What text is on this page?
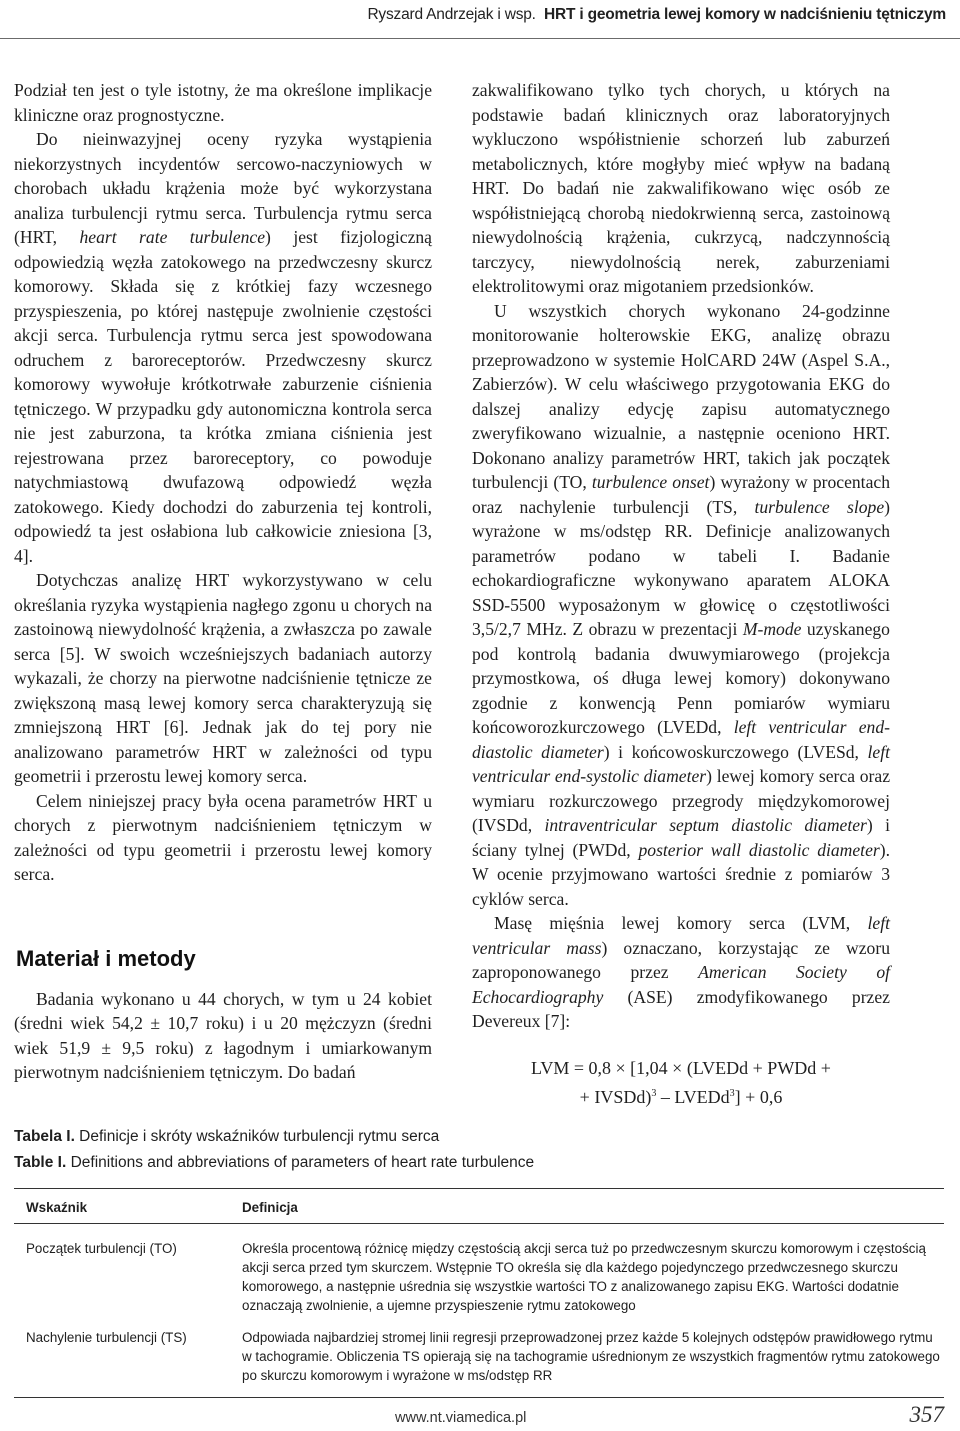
Ryszard Andrzejak i wsp. HRT i geometria lewej komory w nadciśnieniu tętniczym

Podział ten jest o tyle istotny, że ma określone implikacje kliniczne oraz prognostyczne.

Do nieinwazyjnej oceny ryzyka wystąpienia niekorzystnych incydentów sercowo-naczyniowych w chorobach układu krążenia może być wykorzystana analiza turbulencji rytmu serca. Turbulencja rytmu serca (HRT, heart rate turbulence) jest fizjologiczną odpowiedzią węzła zatokowego na przedwczesny skurcz komorowy. Składa się z krótkiej fazy wczesnego przyspieszenia, po której następuje zwolnienie częstości akcji serca. Turbulencja rytmu serca jest spowodowana odruchem z baroreceptorów. Przedwczesny skurcz komorowy wywołuje krótkotrwałe zaburzenie ciśnienia tętniczego. W przypadku gdy autonomiczna kontrola serca nie jest zaburzona, ta krótka zmiana ciśnienia jest rejestrowana przez baroreceptory, co powoduje natychmiastową dwufazową odpowiedź węzła zatokowego. Kiedy dochodzi do zaburzenia tej kontroli, odpowiedź ta jest osłabiona lub całkowicie zniesiona [3, 4].

Dotychczas analizę HRT wykorzystywano w celu określania ryzyka wystąpienia nagłego zgonu u chorych na zastoinową niewydolność krążenia, a zwłaszcza po zawale serca [5]. W swoich wcześniejszych badaniach autorzy wykazali, że chorzy na pierwotne nadciśnienie tętnicze ze zwiększoną masą lewej komory serca charakteryzują się zmniejszoną HRT [6]. Jednak jak do tej pory nie analizowano parametrów HRT w zależności od typu geometrii i przerostu lewej komory serca.

Celem niniejszej pracy była ocena parametrów HRT u chorych z pierwotnym nadciśnieniem tętniczym w zależności od typu geometrii i przerostu lewej komory serca.

Materiał i metody

Badania wykonano u 44 chorych, w tym u 24 kobiet (średni wiek 54,2 ± 10,7 roku) i u 20 mężczyzn (średni wiek 51,9 ± 9,5 roku) z łagodnym i umiarkowanym pierwotnym nadciśnieniem tętniczym. Do badań

zakwalifikowano tylko tych chorych, u których na podstawie badań klinicznych oraz laboratoryjnych wykluczono współistnienie schorzeń lub zaburzeń metabolicznych, które mogłyby mieć wpływ na badaną HRT. Do badań nie zakwalifikowano więc osób ze współistniejącą chorobą niedokrwienną serca, zastoinową niewydolnością krążenia, cukrzycą, nadczynnością tarczycy, niewydolnością nerek, zaburzeniami elektrolitowymi oraz migotaniem przedsionków.

U wszystkich chorych wykonano 24-godzinne monitorowanie holterowskie EKG, analizę obrazu przeprowadzono w systemie HolCARD 24W (Aspel S.A., Zabierzów). W celu właściwego przygotowania EKG do dalszej analizy edycję zapisu automatycznego zweryfikowano wizualnie, a następnie oceniono HRT. Dokonano analizy parametrów HRT, takich jak początek turbulencji (TO, turbulence onset) wyrażony w procentach oraz nachylenie turbulencji (TS, turbulence slope) wyrażone w ms/odstęp RR. Definicje analizowanych parametrów podano w tabeli I. Badanie echokardiograficzne wykonywano aparatem ALOKA SSD-5500 wyposażonym w głowicę o częstotliwości 3,5/2,7 MHz. Z obrazu w prezentacji M-mode uzyskanego pod kontrolą badania dwuwymiarowego (projekcja przymostkowa, oś długa lewej komory) dokonywano zgodnie z konwencją Penn pomiarów wymiaru końcoworozkurczowego (LVEDd, left ventricular end-diastolic diameter) i końcowoskurczowego (LVESd, left ventricular end-systolic diameter) lewej komory serca oraz wymiaru rozkurczowego przegrody międzykomorowej (IVSDd, intraventricular septum diastolic diameter) i ściany tylnej (PWDd, posterior wall diastolic diameter). W ocenie przyjmowano wartości średnie z pomiarów 3 cyklów serca.

Masę mięśnia lewej komory serca (LVM, left ventricular mass) oznaczano, korzystając ze wzoru zaproponowanego przez American Society of Echocardiography (ASE) zmodyfikowanego przez Devereux [7]:

LVM = 0,8 × [1,04 × (LVEDd + PWDd +
+ IVSDd)$^3$ – LVEDd$^3$] + 0,6
Tabela I. Definicje i skróty wskaźników turbulencji rytmu serca
Table I. Definitions and abbreviations of parameters of heart rate turbulence
Wskaźnik	Definicja
Początek turbulencji (TO)	Określa procentową różnicę między częstością akcji serca tuż po przedwczesnym skurczu komorowym i częstością akcji serca przed tym skurczem. Wstępnie TO określa się dla każdego pojedynczego przedwczesnego skurczu komorowego, a następnie uśrednia się wszystkie wartości TO z analizowanego zapisu EKG. Wartości dodatnie oznaczają zwolnienie, a ujemne przyspieszenie rytmu zatokowego
Nachylenie turbulencji (TS)	Odpowiada najbardziej stromej linii regresji przeprowadzonej przez każde 5 kolejnych odstępów prawidłowego rytmu w tachogramie. Obliczenia TS opierają się na tachogramie uśrednionym ze wszystkich fragmentów rytmu zatokowego po skurczu komorowym i wyrażone w ms/odstęp RR
www.nt.viamedica.pl	357
